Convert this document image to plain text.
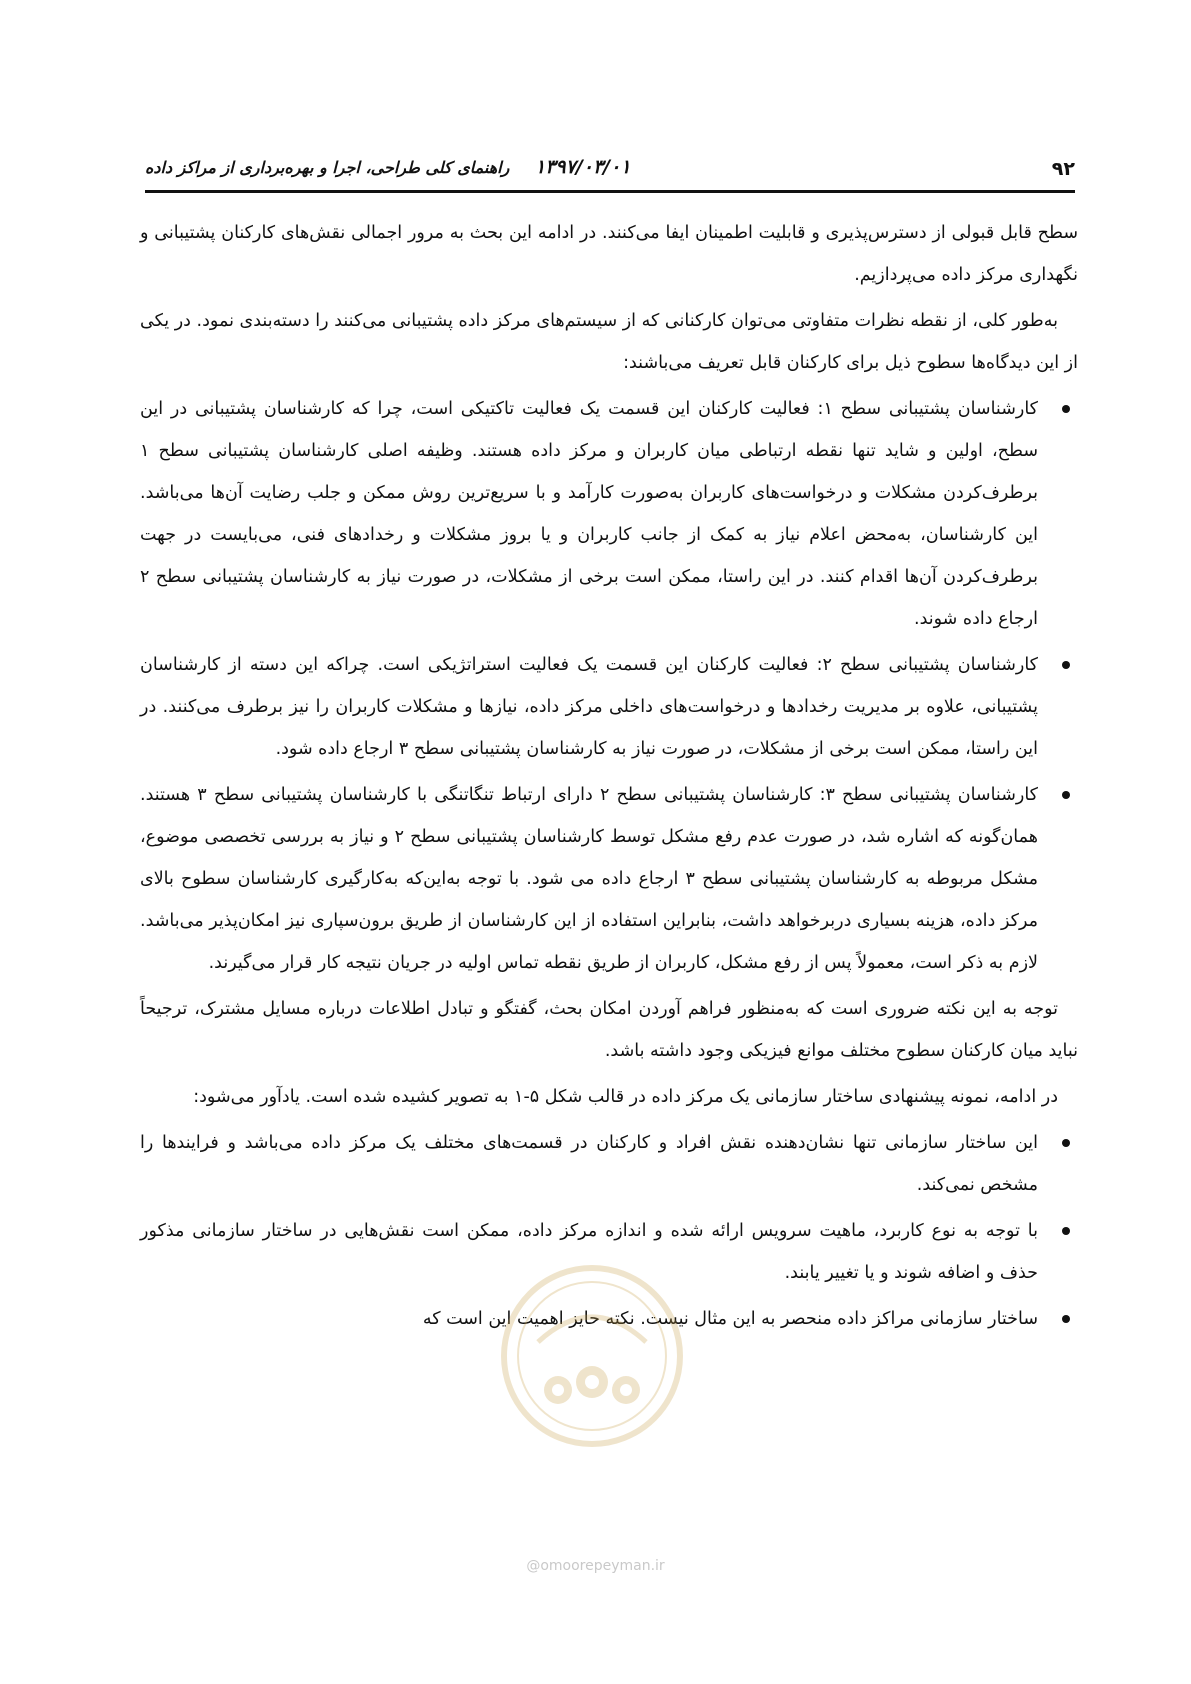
۹۲
۱۳۹۷/۰۳/۰۱
راهنمای کلی طراحی، اجرا و بهره‌برداری از مراکز داده

سطح قابل قبولی از دسترس‌پذیری و قابلیت اطمینان ایفا می‌کنند. در ادامه این بحث به مرور اجمالی نقش‌های کارکنان پشتیبانی و نگهداری مرکز داده می‌پردازیم.

به‌طور کلی، از نقطه نظرات متفاوتی می‌توان کارکنانی که از سیستم‌های مرکز داده پشتیبانی می‌کنند را دسته‌بندی نمود. در یکی از این دیدگاه‌ها سطوح ذیل برای کارکنان قابل تعریف می‌باشند:

کارشناسان پشتیبانی سطح ۱: فعالیت کارکنان این قسمت یک فعالیت تاکتیکی است، چرا که کارشناسان پشتیبانی در این سطح، اولین و شاید تنها نقطه ارتباطی میان کاربران و مرکز داده هستند. وظیفه اصلی کارشناسان پشتیبانی سطح ۱ برطرف‌کردن مشکلات و درخواست‌های کاربران به‌صورت کارآمد و با سریع‌ترین روش ممکن و جلب رضایت آن‌ها می‌باشد. این کارشناسان، به‌محض اعلام نیاز به کمک از جانب کاربران و یا بروز مشکلات و رخدادهای فنی، می‌بایست در جهت برطرف‌کردن آن‌ها اقدام کنند. در این راستا، ممکن است برخی از مشکلات، در صورت نیاز به کارشناسان پشتیبانی سطح ۲ ارجاع داده شوند.
کارشناسان پشتیبانی سطح ۲: فعالیت کارکنان این قسمت یک فعالیت استراتژیکی است. چراکه این دسته از کارشناسان پشتیبانی، علاوه بر مدیریت رخدادها و درخواست‌های داخلی مرکز داده، نیازها و مشکلات کاربران را نیز برطرف می‌کنند. در این راستا، ممکن است برخی از مشکلات، در صورت نیاز به کارشناسان پشتیبانی سطح ۳ ارجاع داده شود.
کارشناسان پشتیبانی سطح ۳: کارشناسان پشتیبانی سطح ۲ دارای ارتباط تنگاتنگی با کارشناسان پشتیبانی سطح ۳ هستند. همان‌گونه که اشاره شد، در صورت عدم رفع مشکل توسط کارشناسان پشتیبانی سطح ۲ و نیاز به بررسی تخصصی موضوع، مشکل مربوطه به کارشناسان پشتیبانی سطح ۳ ارجاع داده می شود. با توجه به‌این‌که به‌کارگیری کارشناسان سطوح بالای مرکز داده، هزینه بسیاری دربرخواهد داشت، بنابراین استفاده از این کارشناسان از طریق برون‌سپاری نیز امکان‌پذیر می‌باشد. لازم به ذکر است، معمولاً پس از رفع مشکل، کاربران از طریق نقطه تماس اولیه در جریان نتیجه کار قرار می‌گیرند.

توجه به این نکته ضروری است که به‌منظور فراهم آوردن امکان بحث، گفتگو و تبادل اطلاعات درباره مسایل مشترک، ترجیحاً نباید میان کارکنان سطوح مختلف موانع فیزیکی وجود داشته باشد.

در ادامه، نمونه پیشنهادی ساختار سازمانی یک مرکز داده در قالب شکل ۵-۱ به تصویر کشیده شده است. یادآور می‌شود:

این ساختار سازمانی تنها نشان‌دهنده نقش افراد و کارکنان در قسمت‌های مختلف یک مرکز داده می‌باشد و فرایندها را مشخص نمی‌کند.
با توجه به نوع کاربرد، ماهیت سرویس ارائه شده و اندازه مرکز داده، ممکن است نقش‌هایی در ساختار سازمانی مذکور حذف و اضافه شوند و یا تغییر یابند.
ساختار سازمانی مراکز داده منحصر به این مثال نیست. نکته حایز اهمیت این است که
@omoorepeyman.ir
